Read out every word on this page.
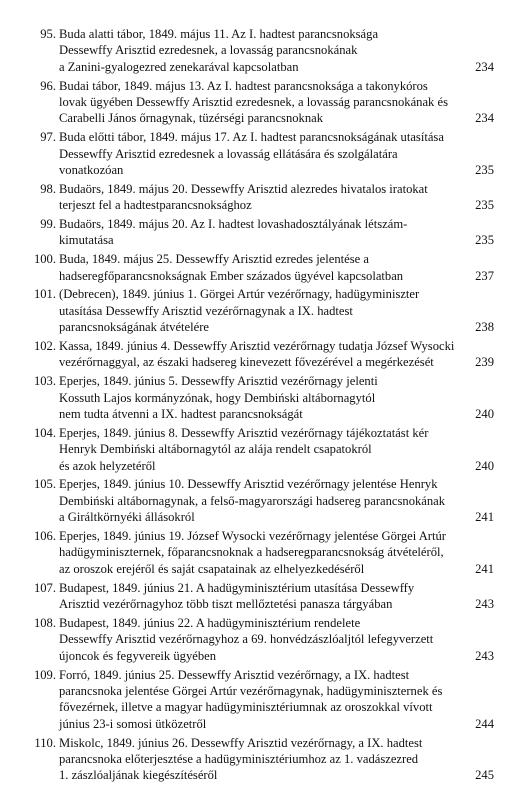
95. Buda alatti tábor, 1849. május 11. Az I. hadtest parancsnoksága
Dessewffy Arisztid ezredesnek, a lovasság parancsnokának
a Zanini-gyalogezred zenekarával kapcsolatban	234
96. Budai tábor, 1849. május 13. Az I. hadtest parancsnoksága a takonykóros
lovak ügyében Dessewffy Arisztid ezredesnek, a lovasság parancsnokának és
Carabelli János őrnagynak, tüzérségi parancsnoknak	234
97. Buda előtti tábor, 1849. május 17. Az I. hadtest parancsnokságának utasítása
Dessewffy Arisztid ezredesnek a lovasság ellátására és szolgálatára
vonatkozóan	235
98. Budaörs, 1849. május 20. Dessewffy Arisztid alezredes hivatalos iratokat
terjeszt fel a hadtestparancsnoksághoz	235
99. Budaörs, 1849. május 20. Az I. hadtest lovashadosztályának létszám-
kimutatása	235
100. Buda, 1849. május 25. Dessewffy Arisztid ezredes jelentése a
hadseregfőparancsnokságnak Ember százados ügyével kapcsolatban	237
101. (Debrecen), 1849. június 1. Görgei Artúr vezérőrnagy, hadügyminiszter
utasítása Dessewffy Arisztid vezérőrnagynak a IX. hadtest
parancsnokságának átvételére	238
102. Kassa, 1849. június 4. Dessewffy Arisztid vezérőrnagy tudatja József Wysocki
vezérőrnaggyal, az északi hadsereg kinevezett fővezérével a megérkezését	239
103. Eperjes, 1849. június 5. Dessewffy Arisztid vezérőrnagy jelenti
Kossuth Lajos kormányzónak, hogy Dembiński altábornagytól
nem tudta átvenni a IX. hadtest parancsnokságát	240
104. Eperjes, 1849. június 8. Dessewffy Arisztid vezérőrnagy tájékoztatást kér
Henryk Dembiński altábornagytól az alája rendelt csapatokról
és azok helyzetéről	240
105. Eperjes, 1849. június 10. Dessewffy Arisztid vezérőrnagy jelentése Henryk
Dembiński altábornagynak, a felső-magyarországi hadsereg parancsnokának
a Giráltkörnyéki állásokról	241
106. Eperjes, 1849. június 19. József Wysocki vezérőrnagy jelentése Görgei Artúr
hadügyminiszternek, főparancsnoknak a hadseregparancsnokság átvételéről,
az oroszok erejéről és saját csapatainak az elhelyezkedéséről	241
107. Budapest, 1849. június 21. A hadügyminisztérium utasítása Dessewffy
Arisztid vezérőrnagyhoz több tiszt mellőztetési panasza tárgyában	243
108. Budapest, 1849. június 22. A hadügyminisztérium rendelete
Dessewffy Arisztid vezérőrnagyhoz a 69. honvédzászlóaljtól lefegyverzett
újoncok és fegyvereik ügyében	243
109. Forró, 1849. június 25. Dessewffy Arisztid vezérőrnagy, a IX. hadtest
parancsnoka jelentése Görgei Artúr vezérőrnagynak, hadügyminiszternek és
fővezérnek, illetve a magyar hadügyminisztériumnak az oroszokkal vívott
június 23-i somosi ütközetről	244
110. Miskolc, 1849. június 26. Dessewffy Arisztid vezérőrnagy, a IX. hadtest
parancsnoka előterjesztése a hadügyminisztériumhoz az 1. vadászezred
1. zászlóaljának kiegészítéséről	245
